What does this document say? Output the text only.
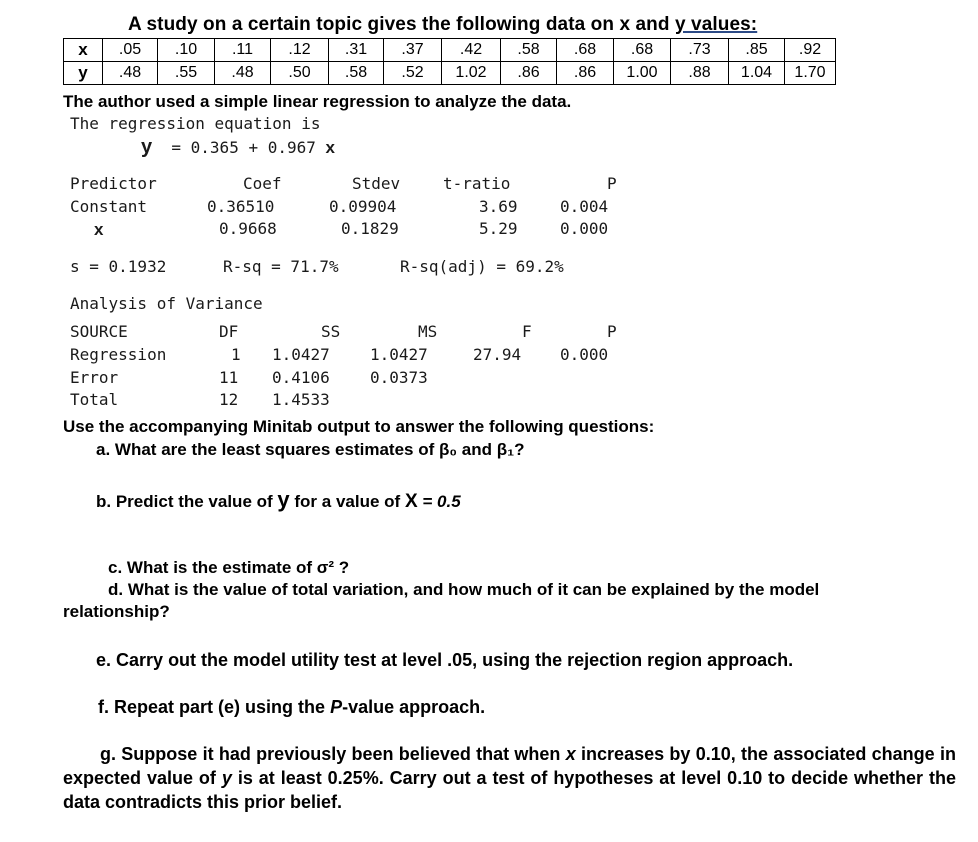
A study on a certain topic gives the following data on x and y values:
x	.05	.10	.11	.12	.31	.37	.42	.58	.68	.68	.73	.85	.92
y	.48	.55	.48	.50	.58	.52	1.02	.86	.86	1.00	.88	1.04	1.70
The author used a simple linear regression to analyze the data.
The regression equation is
y = 0.365 + 0.967 x
Predictor	Coef	Stdev	t-ratio	P
Constant	0.36510	0.09904	3.69	0.004
x	0.9668	0.1829	5.29	0.000
s = 0.1932	R-sq = 71.7%	R-sq(adj) = 69.2%
Analysis of Variance
SOURCE	DF	SS	MS	F	P
Regression	1 1.0427	1.0427	27.94 0.000
Error	11 0.4106	0.0373
Total	12 1.4533
Use the accompanying Minitab output to answer the following questions:
a. What are the least squares estimates of β₀ and β₁?
b. Predict the value of y for a value of X = 0.5
c. What is the estimate of σ² ?
d. What is the value of total variation, and how much of it can be explained by the model
relationship?
e. Carry out the model utility test at level .05, using the rejection region approach.
f. Repeat part (e) using the P-value approach.
g. Suppose it had previously been believed that when x increases by 0.10, the associated change in expected value of y is at least 0.25%. Carry out a test of hypotheses at level 0.10 to decide whether the data contradicts this prior belief.
